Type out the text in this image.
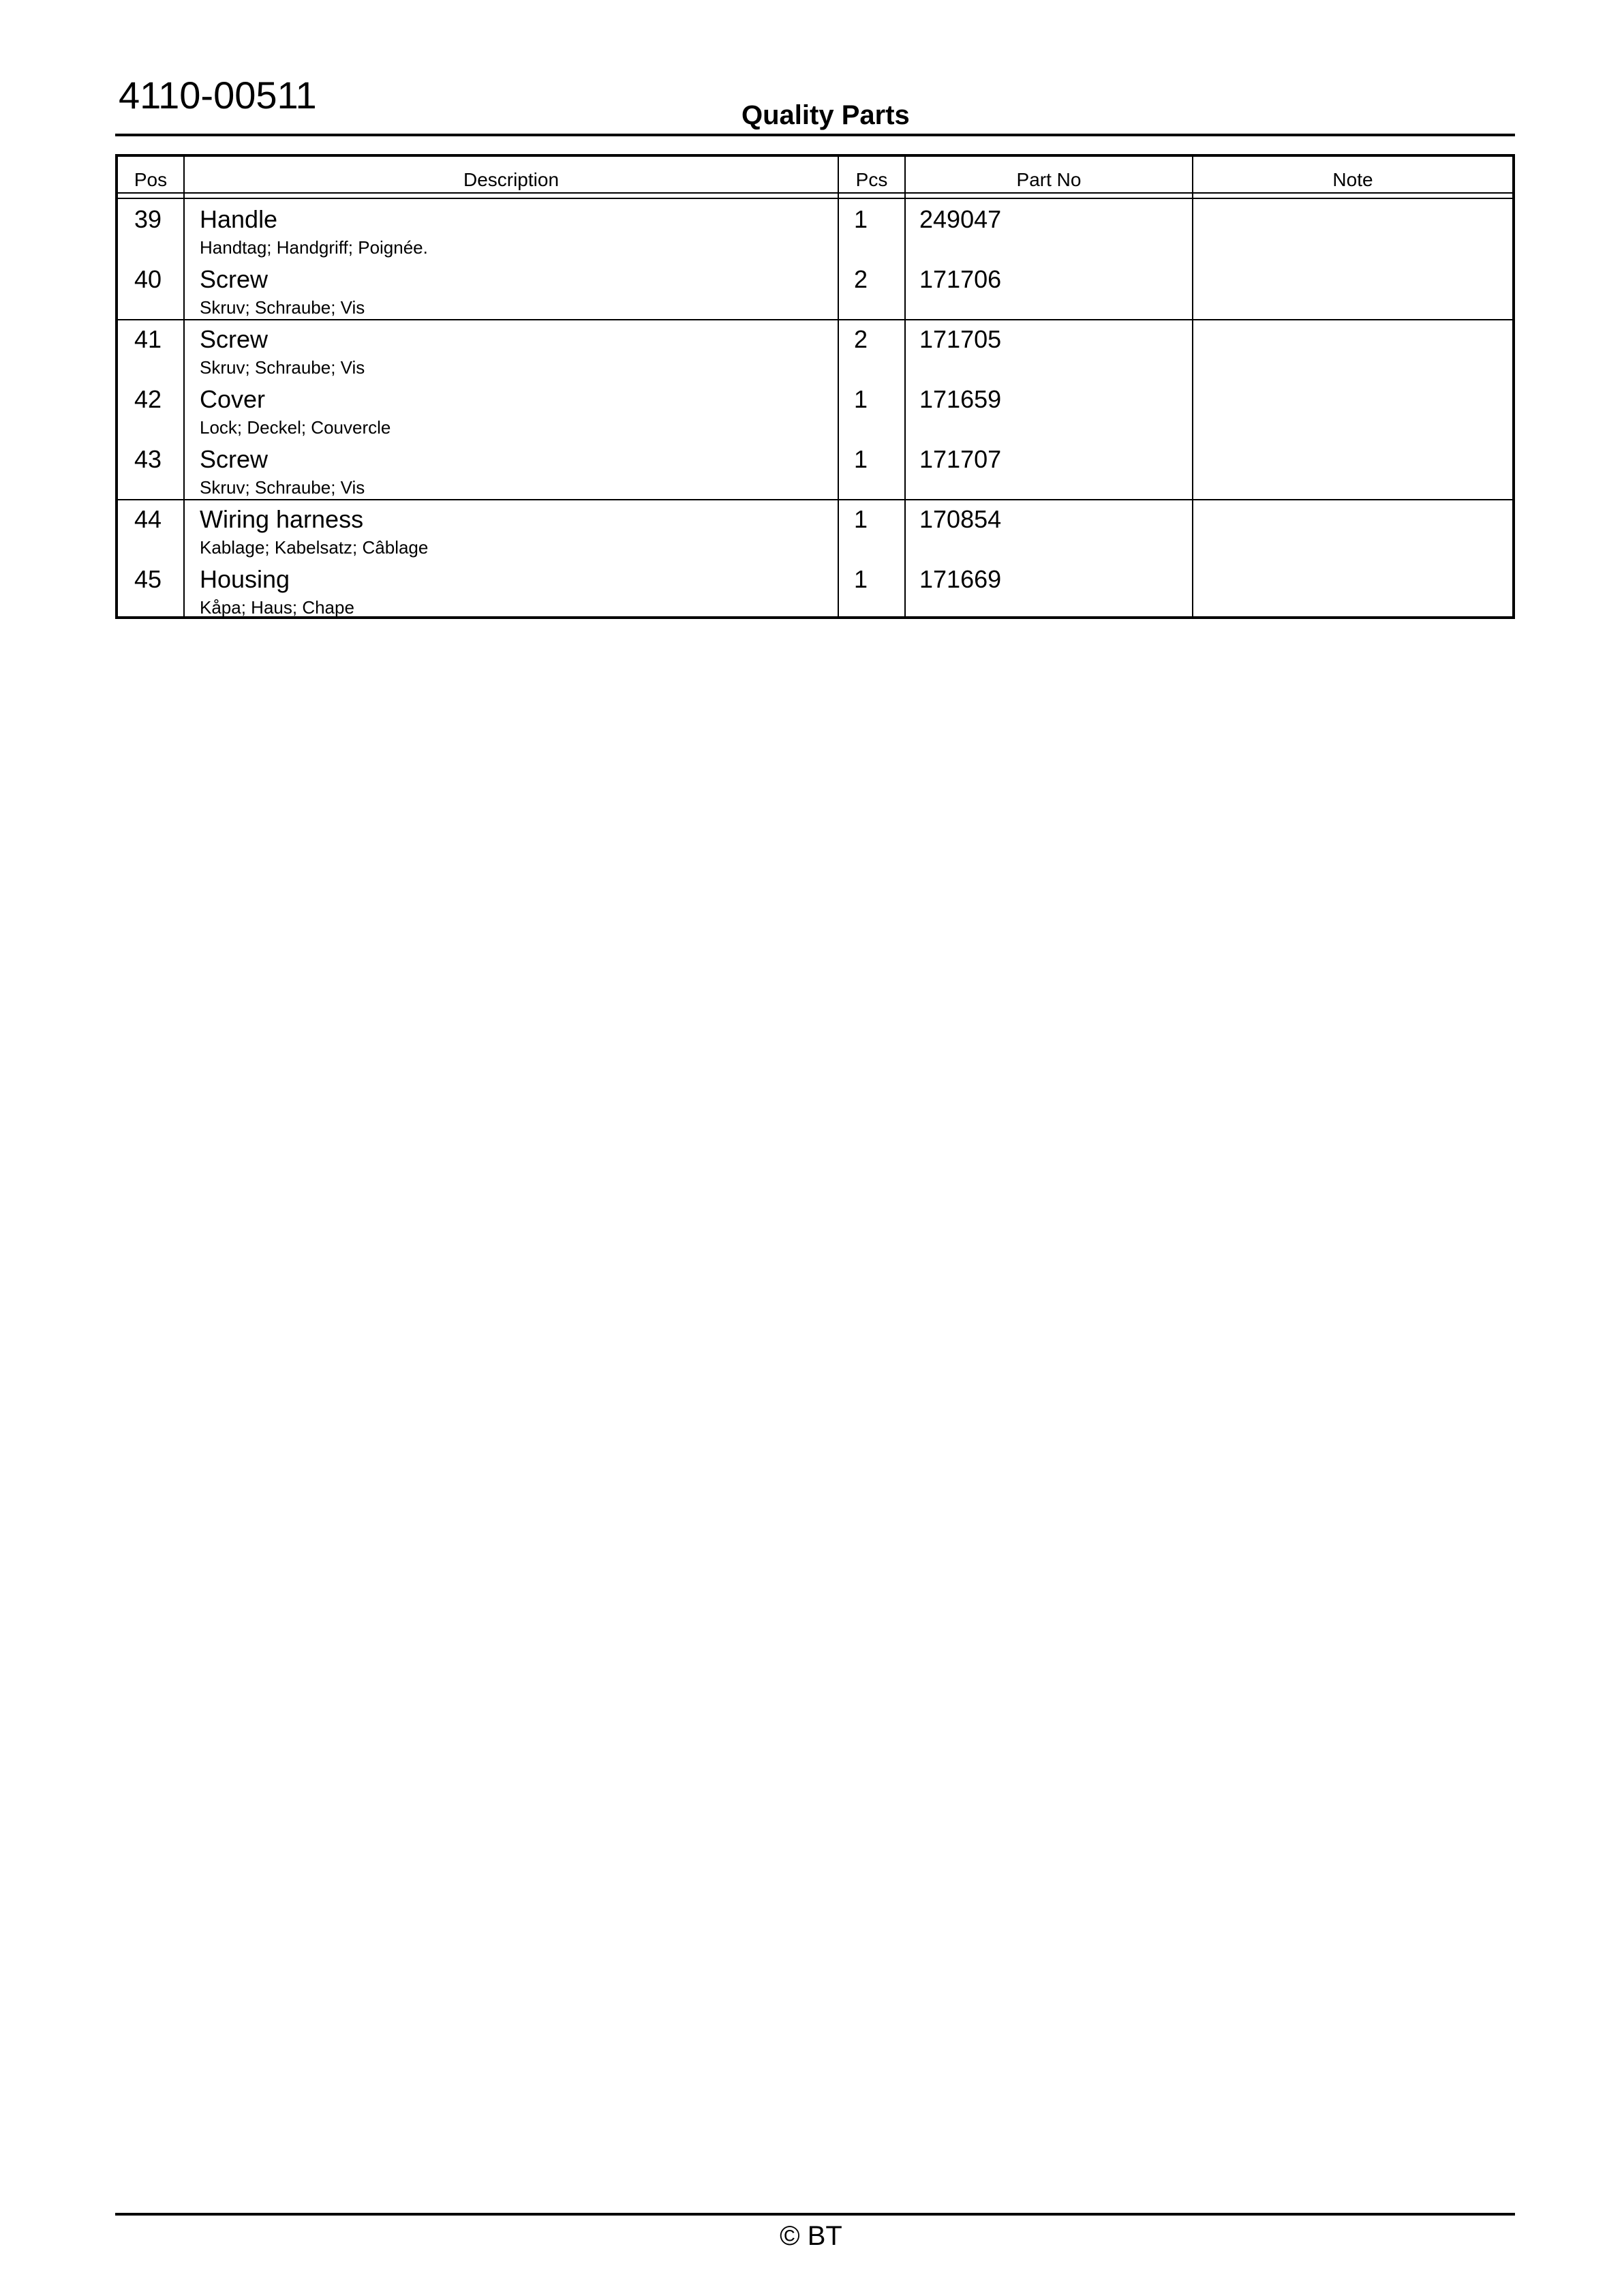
4110-00511	Quality Parts
Pos	Description	Pcs	Part No	Note
39 Handle
Handtag; Handgriff; Poignée.
1 249047
40 Screw
Skruv; Schraube; Vis
2 171706
41 Screw
Skruv; Schraube; Vis
2 171705
42 Cover
Lock; Deckel; Couvercle
1 171659
43 Screw
Skruv; Schraube; Vis
1 171707
44 Wiring harness
Kablage; Kabelsatz; Câblage
1 170854
45 Housing
Kåpa; Haus; Chape
1 171669
© BT
